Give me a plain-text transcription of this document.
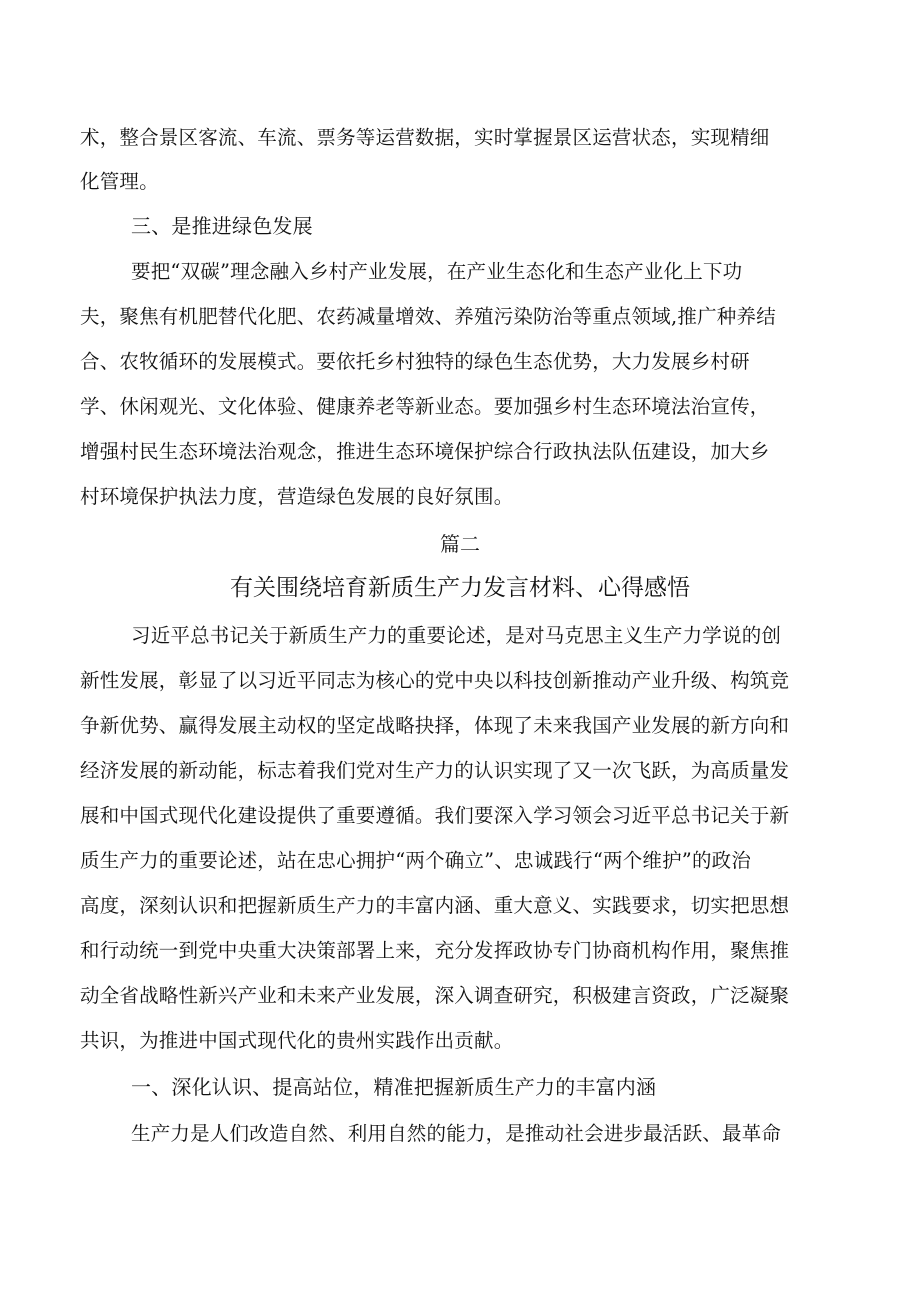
术，整合景区客流、车流、票务等运营数据，实时掌握景区运营状态，实现精细
化管理。
三、是推进绿色发展
要把“双碳”理念融入乡村产业发展，在产业生态化和生态产业化上下功
夫，聚焦有机肥替代化肥、农药减量增效、养殖污染防治等重点领域,推广种养结
合、农牧循环的发展模式。要依托乡村独特的绿色生态优势，大力发展乡村研
学、休闲观光、文化体验、健康养老等新业态。要加强乡村生态环境法治宣传，
增强村民生态环境法治观念，推进生态环境保护综合行政执法队伍建设，加大乡
村环境保护执法力度，营造绿色发展的良好氛围。
篇二
有关围绕培育新质生产力发言材料、心得感悟
习近平总书记关于新质生产力的重要论述，是对马克思主义生产力学说的创
新性发展，彰显了以习近平同志为核心的党中央以科技创新推动产业升级、构筑竞
争新优势、赢得发展主动权的坚定战略抉择，体现了未来我国产业发展的新方向和
经济发展的新动能，标志着我们党对生产力的认识实现了又一次飞跃，为高质量发
展和中国式现代化建设提供了重要遵循。我们要深入学习领会习近平总书记关于新
质生产力的重要论述，站在忠心拥护“两个确立”、忠诚践行“两个维护”的政治
高度，深刻认识和把握新质生产力的丰富内涵、重大意义、实践要求，切实把思想
和行动统一到党中央重大决策部署上来，充分发挥政协专门协商机构作用，聚焦推
动全省战略性新兴产业和未来产业发展，深入调查研究，积极建言资政，广泛凝聚
共识，为推进中国式现代化的贵州实践作出贡献。
一、深化认识、提高站位，精准把握新质生产力的丰富内涵
生产力是人们改造自然、利用自然的能力，是推动社会进步最活跃、最革命
